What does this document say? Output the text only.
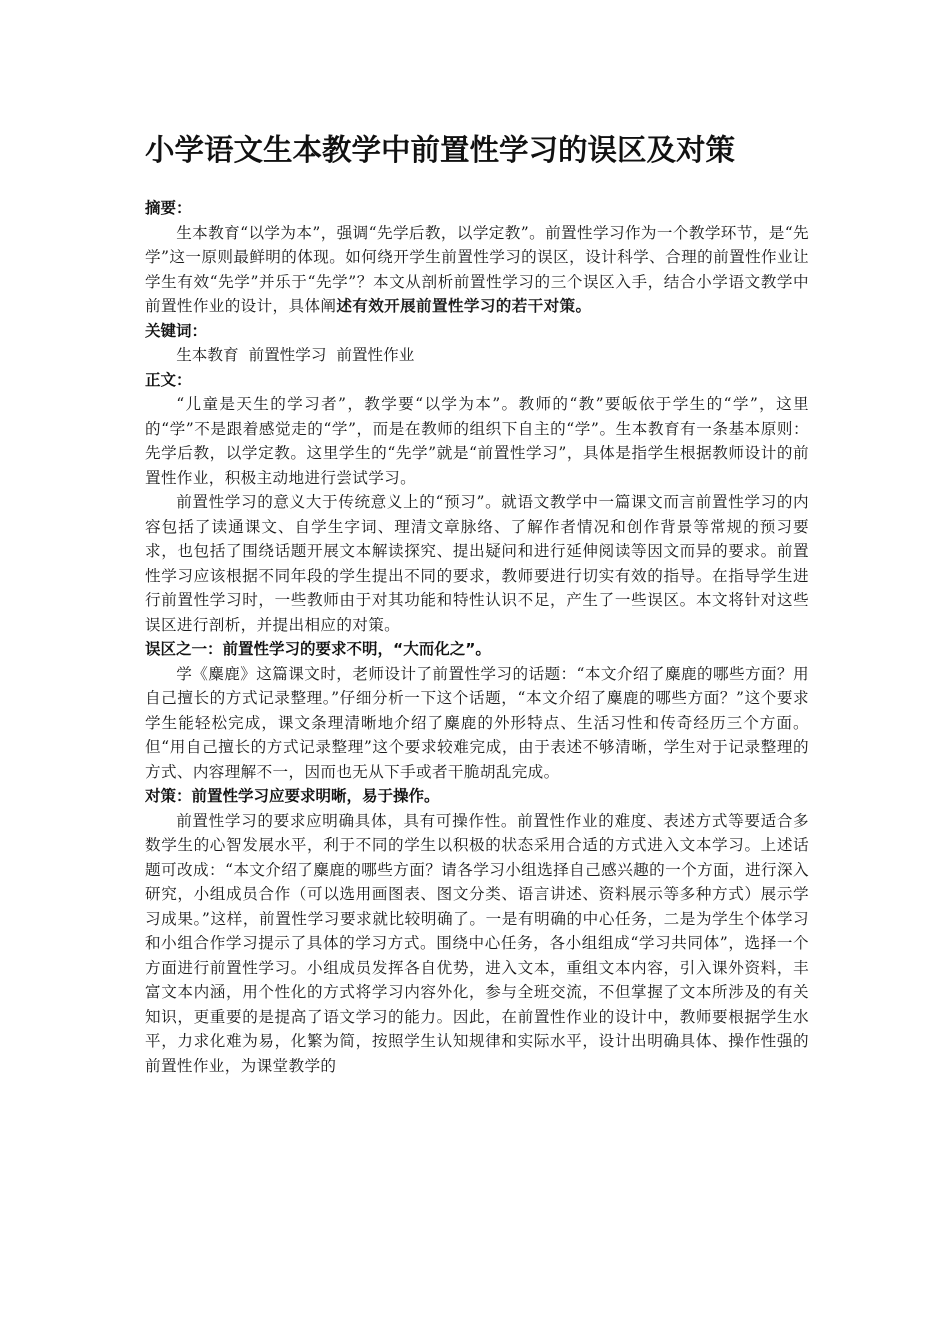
小学语文生本教学中前置性学习的误区及对策

摘要：

生本教育“以学为本”，强调“先学后教，以学定教”。前置性学习作为一个教学环节，是“先学”这一原则最鲜明的体现。如何绕开学生前置性学习的误区，设计科学、合理的前置性作业让学生有效“先学”并乐于“先学”？本文从剖析前置性学习的三个误区入手，结合小学语文教学中前置性作业的设计，具体阐述有效开展前置性学习的若干对策。

关键词：

生本教育  前置性学习  前置性作业

正文：

“儿童是天生的学习者”，教学要“以学为本”。教师的“教”要皈依于学生的“学”，这里的“学”不是跟着感觉走的“学”，而是在教师的组织下自主的“学”。生本教育有一条基本原则：先学后教，以学定教。这里学生的“先学”就是“前置性学习”，具体是指学生根据教师设计的前置性作业，积极主动地进行尝试学习。

前置性学习的意义大于传统意义上的“预习”。就语文教学中一篇课文而言前置性学习的内容包括了读通课文、自学生字词、理清文章脉络、了解作者情况和创作背景等常规的预习要求，也包括了围绕话题开展文本解读探究、提出疑问和进行延伸阅读等因文而异的要求。前置性学习应该根据不同年段的学生提出不同的要求，教师要进行切实有效的指导。在指导学生进行前置性学习时，一些教师由于对其功能和特性认识不足，产生了一些误区。本文将针对这些误区进行剖析，并提出相应的对策。

误区之一：前置性学习的要求不明，“大而化之”。

学《麋鹿》这篇课文时，老师设计了前置性学习的话题：“本文介绍了麋鹿的哪些方面？用自己擅长的方式记录整理。”仔细分析一下这个话题，“本文介绍了麋鹿的哪些方面？”这个要求学生能轻松完成，课文条理清晰地介绍了麋鹿的外形特点、生活习性和传奇经历三个方面。但“用自己擅长的方式记录整理”这个要求较难完成，由于表述不够清晰，学生对于记录整理的方式、内容理解不一，因而也无从下手或者干脆胡乱完成。

对策：前置性学习应要求明晰，易于操作。

前置性学习的要求应明确具体，具有可操作性。前置性作业的难度、表述方式等要适合多数学生的心智发展水平，利于不同的学生以积极的状态采用合适的方式进入文本学习。上述话题可改成：“本文介绍了麋鹿的哪些方面？请各学习小组选择自己感兴趣的一个方面，进行深入研究，小组成员合作（可以选用画图表、图文分类、语言讲述、资料展示等多种方式）展示学习成果。”这样，前置性学习要求就比较明确了。一是有明确的中心任务，二是为学生个体学习和小组合作学习提示了具体的学习方式。围绕中心任务，各小组组成“学习共同体”，选择一个方面进行前置性学习。小组成员发挥各自优势，进入文本，重组文本内容，引入课外资料，丰富文本内涵，用个性化的方式将学习内容外化，参与全班交流，不但掌握了文本所涉及的有关知识，更重要的是提高了语文学习的能力。因此，在前置性作业的设计中，教师要根据学生水平，力求化难为易，化繁为简，按照学生认知规律和实际水平，设计出明确具体、操作性强的前置性作业，为课堂教学的
